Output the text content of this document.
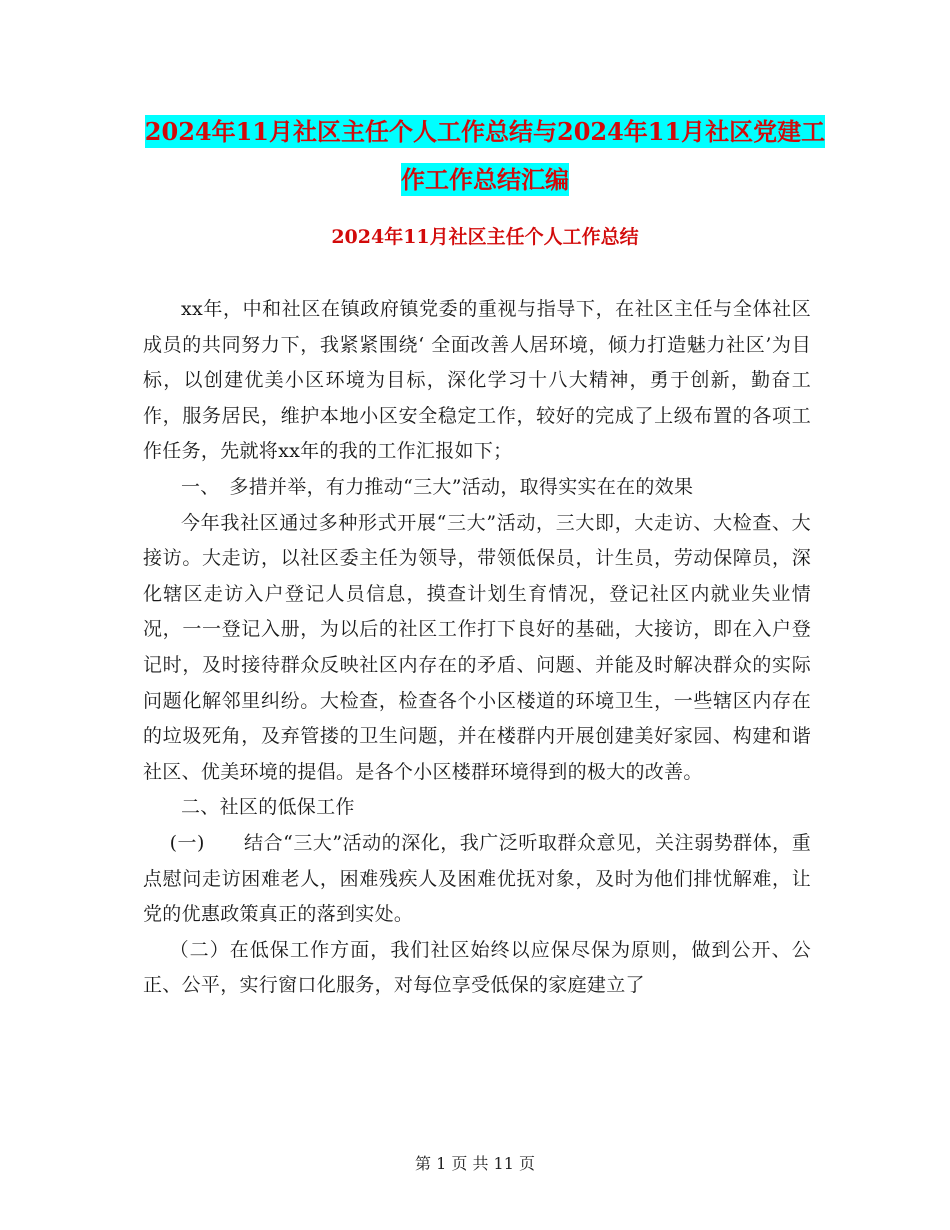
2024年11月社区主任个人工作总结与2024年11月社区党建工作工作总结汇编
2024年11月社区主任个人工作总结

xx年，中和社区在镇政府镇党委的重视与指导下，在社区主任与全体社区成员的共同努力下，我紧紧围绕‘ 全面改善人居环境，倾力打造魅力社区’为目标，以创建优美小区环境为目标，深化学习十八大精神，勇于创新，勤奋工作，服务居民，维护本地小区安全稳定工作，较好的完成了上级布置的各项工作任务，先就将xx年的我的工作汇报如下；

一、　多措并举，有力推动“三大”活动，取得实实在在的效果

今年我社区通过多种形式开展“三大”活动，三大即，大走访、大检查、大接访。大走访，以社区委主任为领导，带领低保员，计生员，劳动保障员，深化辖区走访入户登记人员信息，摸查计划生育情况，登记社区内就业失业情况，一一登记入册，为以后的社区工作打下良好的基础，大接访，即在入户登记时，及时接待群众反映社区内存在的矛盾、问题、并能及时解决群众的实际问题化解邻里纠纷。大检查，检查各个小区楼道的环境卫生，一些辖区内存在的垃圾死角，及弃管搂的卫生问题，并在楼群内开展创建美好家园、构建和谐社区、优美环境的提倡。是各个小区楼群环境得到的极大的改善。

二、社区的低保工作

(一)　　结合“三大”活动的深化，我广泛听取群众意见，关注弱势群体，重点慰问走访困难老人，困难残疾人及困难优抚对象，及时为他们排忧解难，让党的优惠政策真正的落到实处。

（二）在低保工作方面，我们社区始终以应保尽保为原则，做到公开、公正、公平，实行窗口化服务，对每位享受低保的家庭建立了

第 1 页 共 11 页
